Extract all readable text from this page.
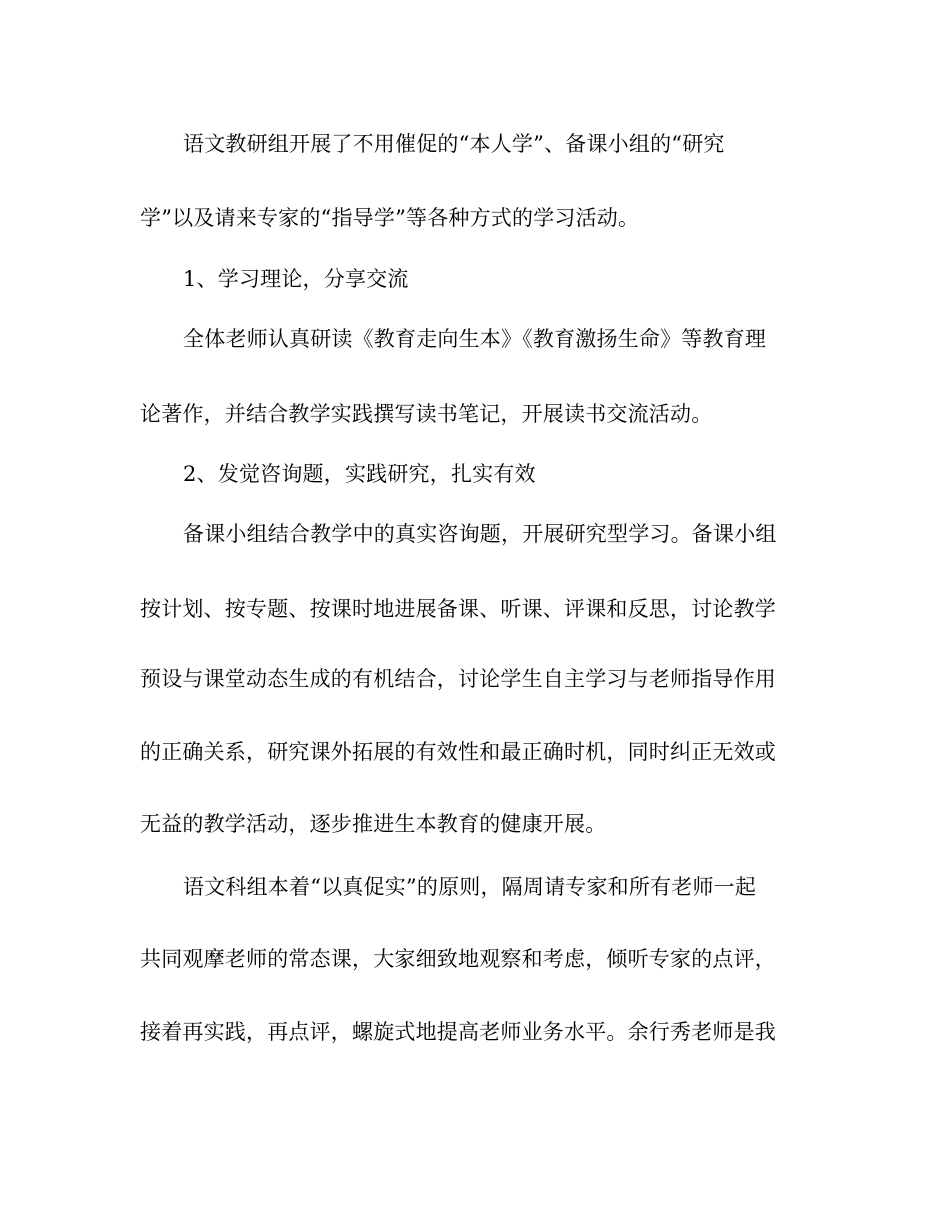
语文教研组开展了不用催促的“本人学”、备课小组的“研究
学”以及请来专家的“指导学”等各种方式的学习活动。
1、学习理论，分享交流
全体老师认真研读《教育走向生本》《教育激扬生命》等教育理
论著作，并结合教学实践撰写读书笔记，开展读书交流活动。
2、发觉咨询题，实践研究，扎实有效
备课小组结合教学中的真实咨询题，开展研究型学习。备课小组
按计划、按专题、按课时地进展备课、听课、评课和反思，讨论教学
预设与课堂动态生成的有机结合，讨论学生自主学习与老师指导作用
的正确关系，研究课外拓展的有效性和最正确时机，同时纠正无效或
无益的教学活动，逐步推进生本教育的健康开展。
语文科组本着“以真促实”的原则，隔周请专家和所有老师一起
共同观摩老师的常态课，大家细致地观察和考虑，倾听专家的点评，
接着再实践，再点评，螺旋式地提高老师业务水平。余行秀老师是我
